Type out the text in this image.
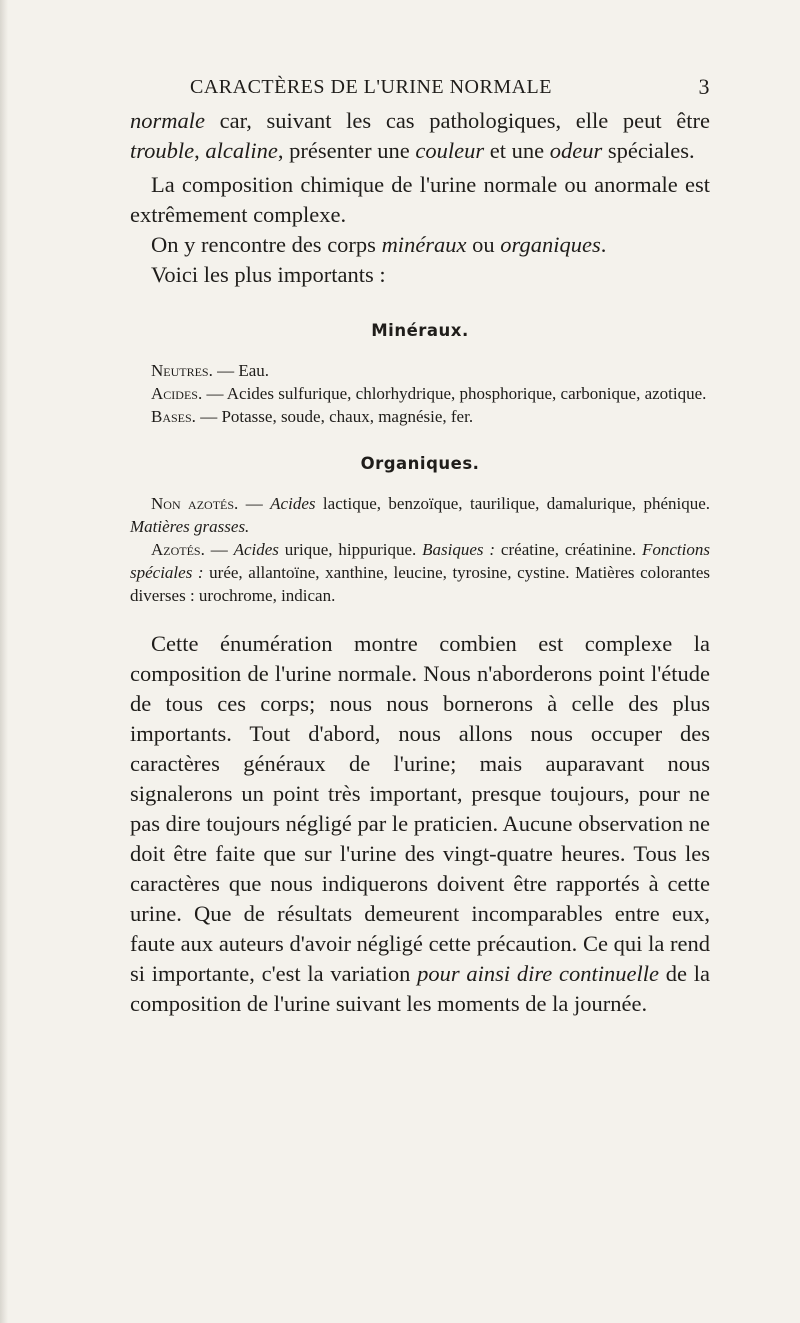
CARACTÈRES DE L'URINE NORMALE	3

normale car, suivant les cas pathologiques, elle peut être trouble, alcaline, présenter une couleur et une odeur spéciales.

La composition chimique de l'urine normale ou anormale est extrêmement complexe.

On y rencontre des corps minéraux ou organiques.

Voici les plus importants :

Minéraux.

Neutres. — Eau.

Acides. — Acides sulfurique, chlorhydrique, phosphorique, carbonique, azotique.

Bases. — Potasse, soude, chaux, magnésie, fer.

Organiques.

Non azotés. — Acides lactique, benzoïque, taurilique, damalurique, phénique. Matières grasses.

Azotés. — Acides urique, hippurique. Basiques : créatine, créatinine. Fonctions spéciales : urée, allantoïne, xanthine, leucine, tyrosine, cystine. Matières colorantes diverses : urochrome, indican.

Cette énumération montre combien est complexe la composition de l'urine normale. Nous n'aborderons point l'étude de tous ces corps; nous nous bornerons à celle des plus importants. Tout d'abord, nous allons nous occuper des caractères généraux de l'urine; mais auparavant nous signalerons un point très important, presque toujours, pour ne pas dire toujours négligé par le praticien. Aucune observation ne doit être faite que sur l'urine des vingt-quatre heures. Tous les caractères que nous indiquerons doivent être rapportés à cette urine. Que de résultats demeurent incomparables entre eux, faute aux auteurs d'avoir négligé cette précaution. Ce qui la rend si importante, c'est la variation pour ainsi dire continuelle de la composition de l'urine suivant les moments de la journée.
